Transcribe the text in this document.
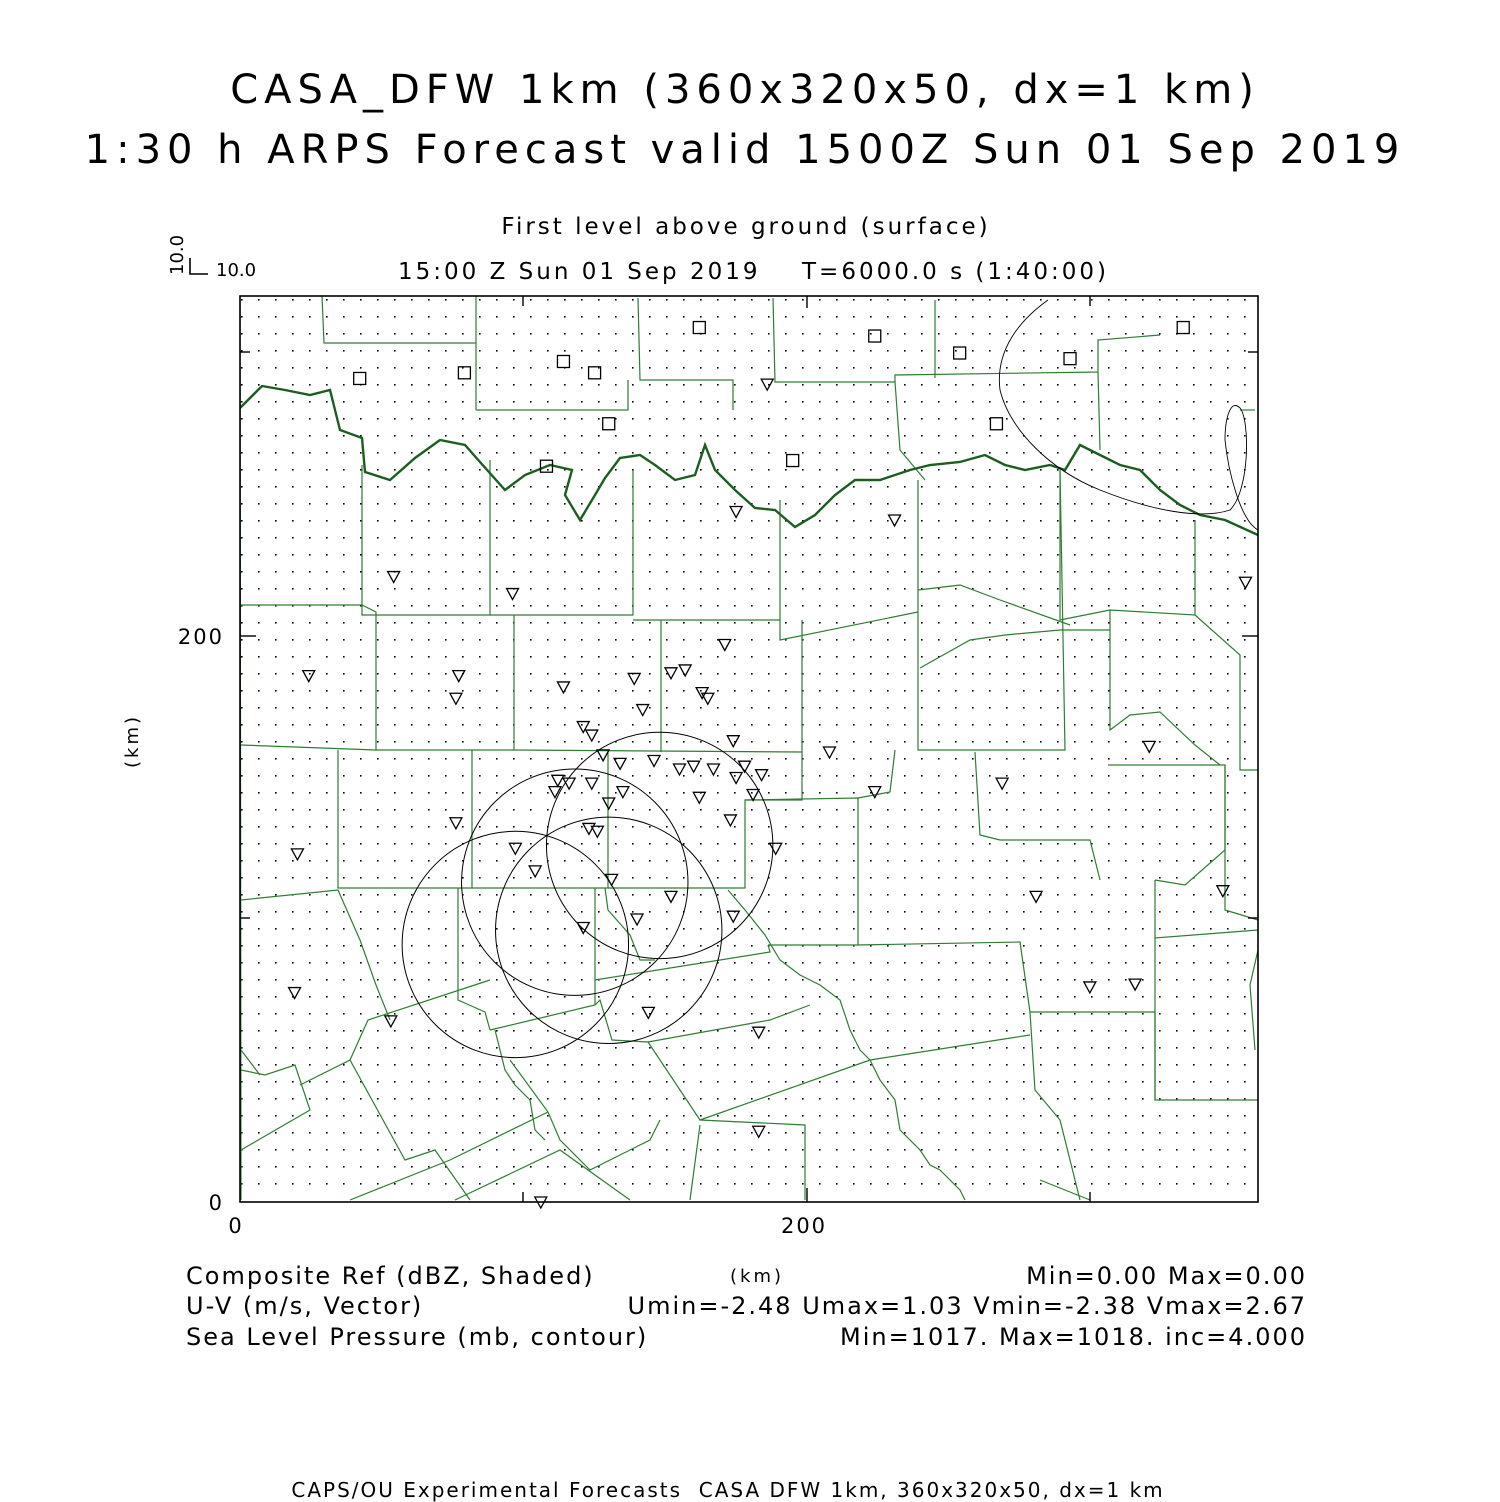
CASA_DFW 1km (360x320x50, dx=1 km)
1:30 h ARPS Forecast valid 1500Z Sun 01 Sep 2019
First level above ground (surface)
15:00 Z Sun 01 Sep 2019 T=6000.0 s (1:40:00)
10.0
10.0
0	200
0
200
(km)
(km)
Composite Ref (dBZ, Shaded)	Min=0.00 Max=0.00
U-V (m/s, Vector)	Umin=-2.48 Umax=1.03 Vmin=-2.38 Vmax=2.67
Sea Level Pressure (mb, contour)	Min=1017. Max=1018. inc=4.000
CAPS/OU Experimental Forecasts  CASA DFW 1km, 360x320x50, dx=1 km
